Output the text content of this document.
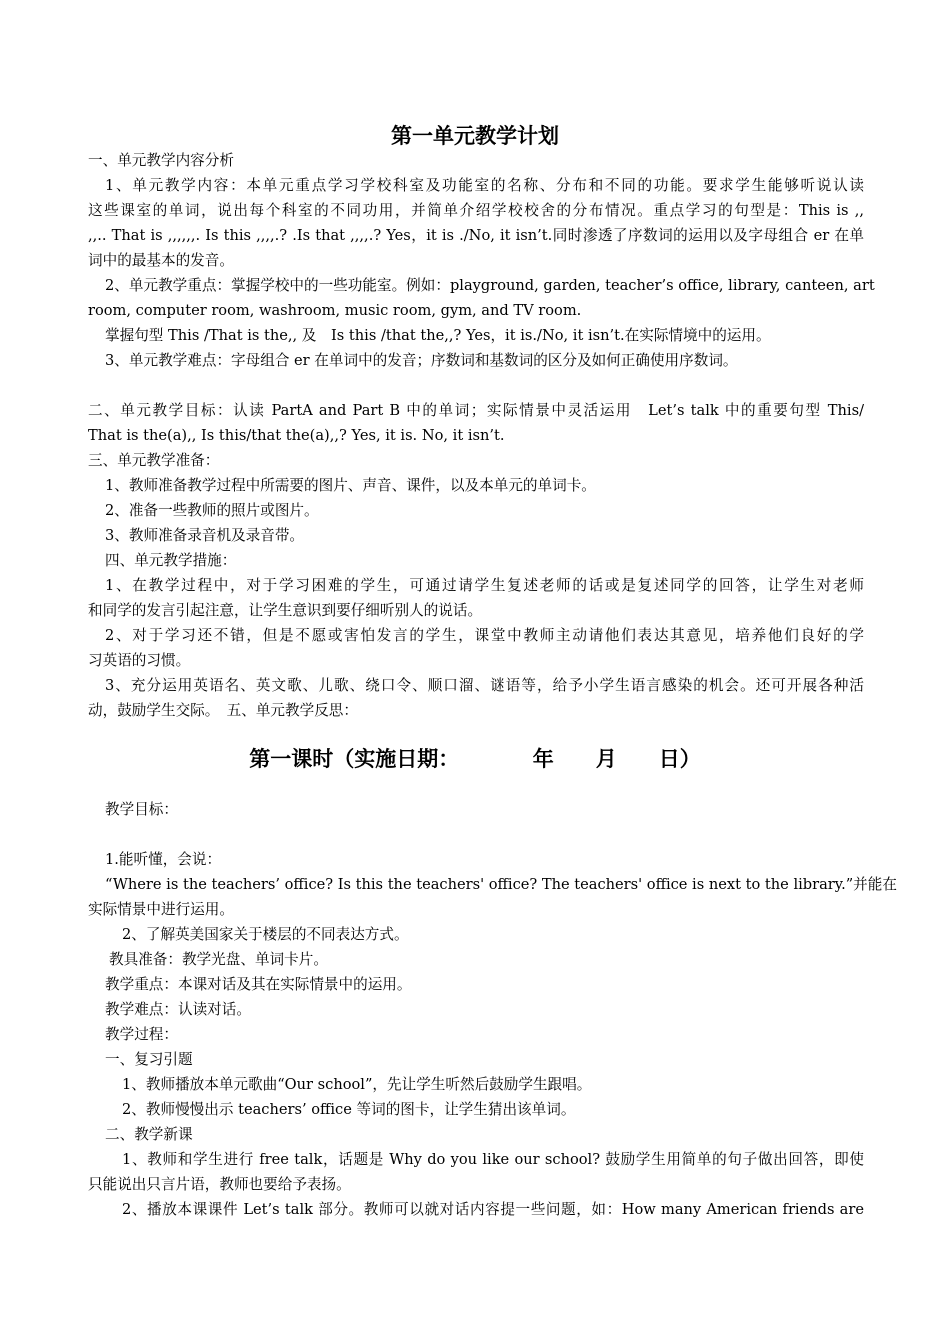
第一单元教学计划
一、单元教学内容分析
1、单元教学内容：本单元重点学习学校科室及功能室的名称、分布和不同的功能。要求学生能够听说认读
这些课室的单词，说出每个科室的不同功用，并简单介绍学校校舍的分布情况。重点学习的句型是：This is ,,
,,.. That is ,,,,,,. Is this ,,,,.? .Is that ,,,,.? Yes，it is ./No, it isn’t.同时渗透了序数词的运用以及字母组合 er 在单
词中的最基本的发音。
2、单元教学重点：掌握学校中的一些功能室。例如：playground, garden, teacher’s office, library, canteen, art
room, computer room, washroom, music room, gym, and TV room.
掌握句型 This /That is the,, 及　Is this /that the,,? Yes，it is./No, it isn’t.在实际情境中的运用。
3、单元教学难点：字母组合 er 在单词中的发音；序数词和基数词的区分及如何正确使用序数词。
二、单元教学目标：认读 PartA and Part B 中的单词；实际情景中灵活运用　Let’s talk 中的重要句型 This/
That is the(a),, Is this/that the(a),,? Yes, it is. No, it isn’t.
三、单元教学准备：
1、教师准备教学过程中所需要的图片、声音、课件，以及本单元的单词卡。
2、准备一些教师的照片或图片。
3、教师准备录音机及录音带。
四、单元教学措施：
1、在教学过程中，对于学习困难的学生，可通过请学生复述老师的话或是复述同学的回答，让学生对老师
和同学的发言引起注意，让学生意识到要仔细听别人的说话。
2、对于学习还不错，但是不愿或害怕发言的学生，课堂中教师主动请他们表达其意见，培养他们良好的学
习英语的习惯。
3、充分运用英语名、英文歌、儿歌、绕口令、顺口溜、谜语等，给予小学生语言感染的机会。还可开展各种活
动，鼓励学生交际。　五、单元教学反思：
第一课时（实施日期：　　　　年　　月　　日）
教学目标：
1.能听懂，会说：
“Where is the teachers’ office? Is this the teachers' office? The teachers' office is next to the library.”并能在
实际情景中进行运用。
2、了解英美国家关于楼层的不同表达方式。
教具准备：教学光盘、单词卡片。
教学重点：本课对话及其在实际情景中的运用。
教学难点：认读对话。
教学过程：
一、复习引题
1、教师播放本单元歌曲“Our school”，先让学生听然后鼓励学生跟唱。
2、教师慢慢出示 teachers’ office 等词的图卡，让学生猜出该单词。
二、教学新课
1、教师和学生进行 free talk，话题是 Why do you like our school? 鼓励学生用简单的句子做出回答，即使
只能说出只言片语，教师也要给予表扬。
2、播放本课课件 Let’s talk 部分。教师可以就对话内容提一些问题，如：How many American friends are
